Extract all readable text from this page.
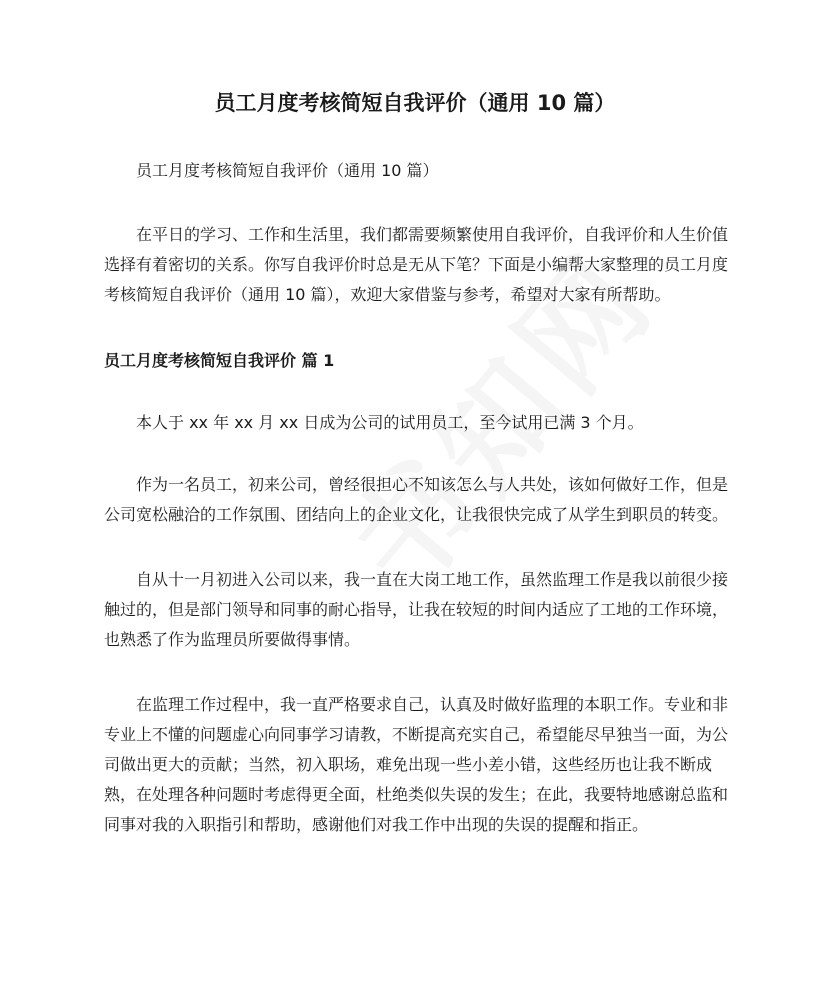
员工月度考核简短自我评价（通用 10 篇）

员工月度考核简短自我评价（通用 10 篇）

在平日的学习、工作和生活里，我们都需要频繁使用自我评价，自我评价和人生价值选择有着密切的关系。你写自我评价时总是无从下笔？下面是小编帮大家整理的员工月度考核简短自我评价（通用 10 篇），欢迎大家借鉴与参考，希望对大家有所帮助。

员工月度考核简短自我评价 篇 1

本人于 xx 年 xx 月 xx 日成为公司的试用员工，至今试用已满 3 个月。

作为一名员工，初来公司，曾经很担心不知该怎么与人共处，该如何做好工作，但是公司宽松融洽的工作氛围、团结向上的企业文化，让我很快完成了从学生到职员的转变。

自从十一月初进入公司以来，我一直在大岗工地工作，虽然监理工作是我以前很少接触过的，但是部门领导和同事的耐心指导，让我在较短的时间内适应了工地的工作环境，也熟悉了作为监理员所要做得事情。

在监理工作过程中，我一直严格要求自己，认真及时做好监理的本职工作。专业和非专业上不懂的问题虚心向同事学习请教，不断提高充实自己，希望能尽早独当一面，为公司做出更大的贡献；当然，初入职场，难免出现一些小差小错，这些经历也让我不断成熟，在处理各种问题时考虑得更全面，杜绝类似失误的发生；在此，我要特地感谢总监和同事对我的入职指引和帮助，感谢他们对我工作中出现的失误的提醒和指正。
